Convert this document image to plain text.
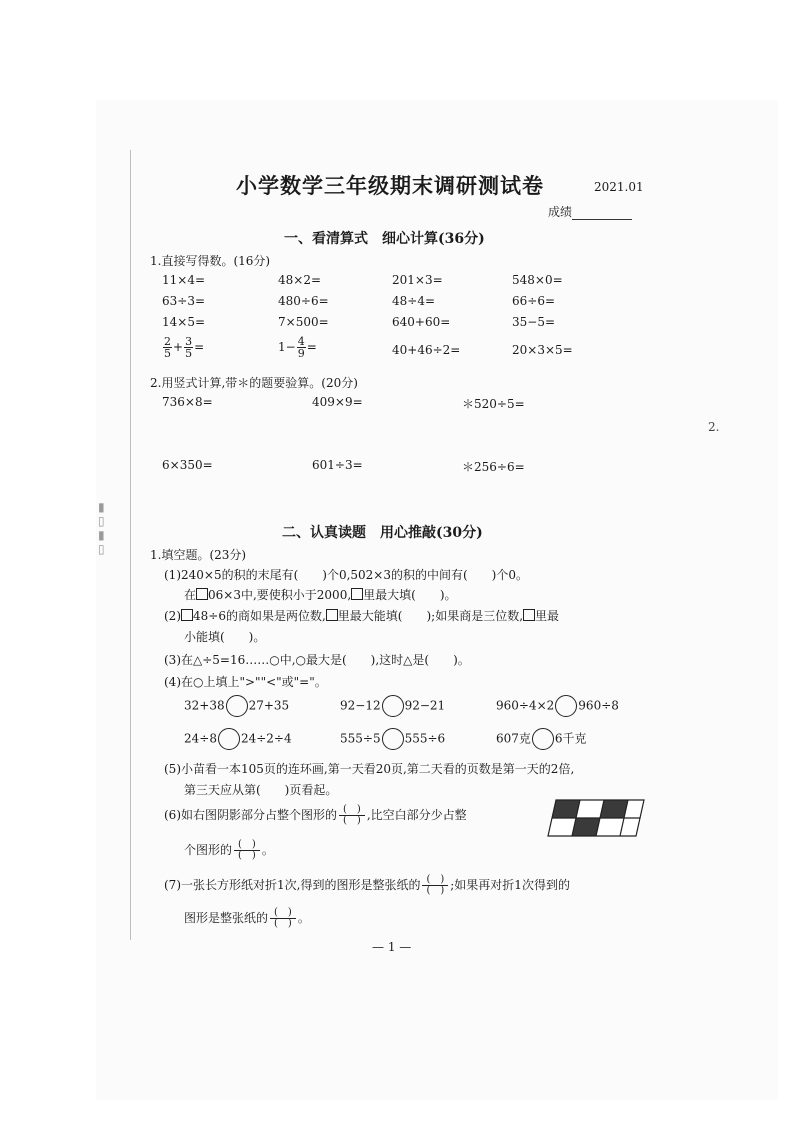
▮
▯
▮
▯
2.
小学数学三年级期末调研测试卷	2021.01
成绩
一、看清算式　细心计算(36分)
1.直接写得数。(16分)
11×4=	48×2=	201×3=	548×0=
63÷3=	480÷6=	48÷4=	66÷6=
14×5=	7×500=	640+60=	35−5=
$\frac{2}{5} + \frac{3}{5}$ =	$1- \frac{4}{9}$ =	40+46÷2=	20×3×5=
2.用竖式计算,带＊的题要验算。(20分)
736×8=	409×9=	＊520÷5=
6×350=	601÷3=	＊256÷6=
二、认真读题　用心推敲(30分)
1.填空题。(23分)
(1)240×5的积的末尾有(　　)个0,502×3的积的中间有(　　)个0。
在 06×3中,要使积小于2000, 里最大填(　　)。
(2) 48÷6的商如果是两位数, 里最大能填(　　);如果商是三位数, 里最
小能填(　　)。
(3)在△÷5=16……○中,○最大是(　　),这时△是(　　)。
(4)在○上填上">""<"或"="。
32+38 27+35	92−12 92−21	960÷4×2 960÷8
24÷8 24÷2÷4	555÷5 555÷6	607克 6千克
(5)小苗看一本105页的连环画,第一天看20页,第二天看的页数是第一天的2倍,
第三天应从第(　　)页看起。
(6)如右图阴影部分占整个图形的 $\frac{( )}{( )}$ ,比空白部分少占整
个图形的 $\frac{( )}{( )}$ 。
(7)一张长方形纸对折1次,得到的图形是整张纸的 $\frac{( )}{( )}$ ;如果再对折1次得到的
图形是整张纸的 $\frac{( )}{( )}$ 。
— 1 —
